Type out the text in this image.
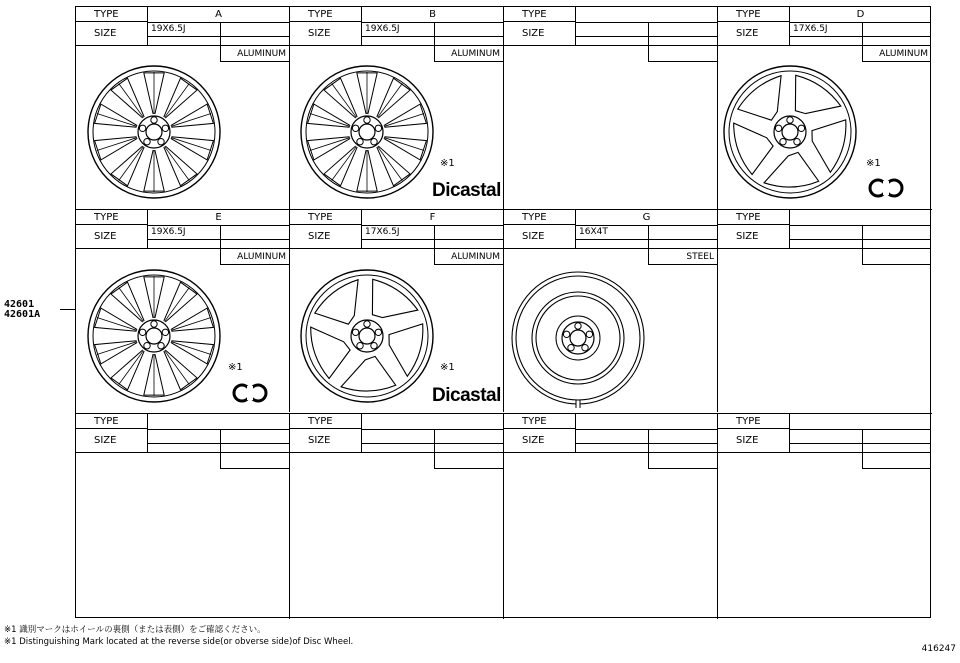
TYPE	A
SIZE	19X6.5J
ALUMINUM
TYPE	B
SIZE	19X6.5J
ALUMINUM
TYPE
SIZE
TYPE	D
SIZE	17X6.5J
ALUMINUM
TYPE	E
SIZE	19X6.5J
ALUMINUM
TYPE	F
SIZE	17X6.5J
ALUMINUM
TYPE	G
SIZE	16X4T
STEEL
TYPE
SIZE
TYPE
SIZE
TYPE
SIZE
TYPE
SIZE
TYPE
SIZE
42601
42601A
※1 識別マークはホイールの裏側（または表側）をご確認ください。
※1 Distinguishing Mark located at the reverse side(or obverse side)of Disc Wheel.
416247
※1	※1
※1	※1
Dicastal
Dicastal
